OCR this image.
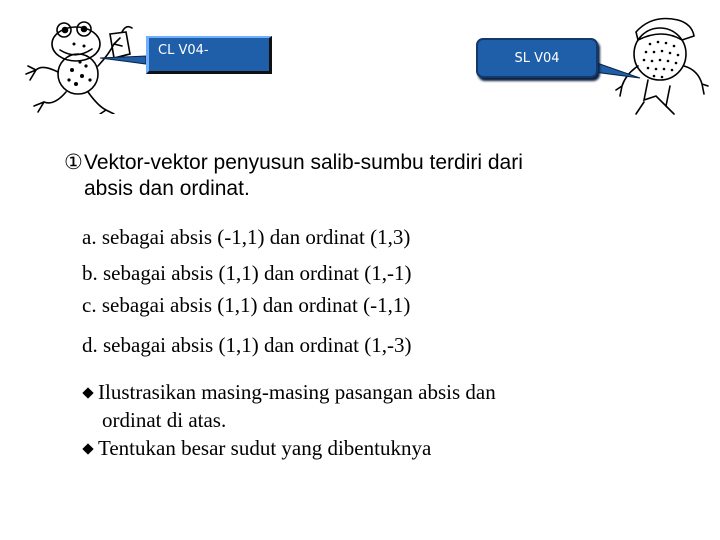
CL V04-	SL V04
①Vektor-vektor penyusun salib-sumbu terdiri dari
absis dan ordinat.
a. sebagai absis (-1,1) dan ordinat (1,3)
b. sebagai absis (1,1) dan ordinat (1,-1)
c. sebagai absis (1,1) dan ordinat (-1,1)
d. sebagai absis (1,1) dan ordinat (1,-3)
Ilustrasikan masing-masing pasangan absis dan
ordinat di atas.
Tentukan besar sudut yang dibentuknya
